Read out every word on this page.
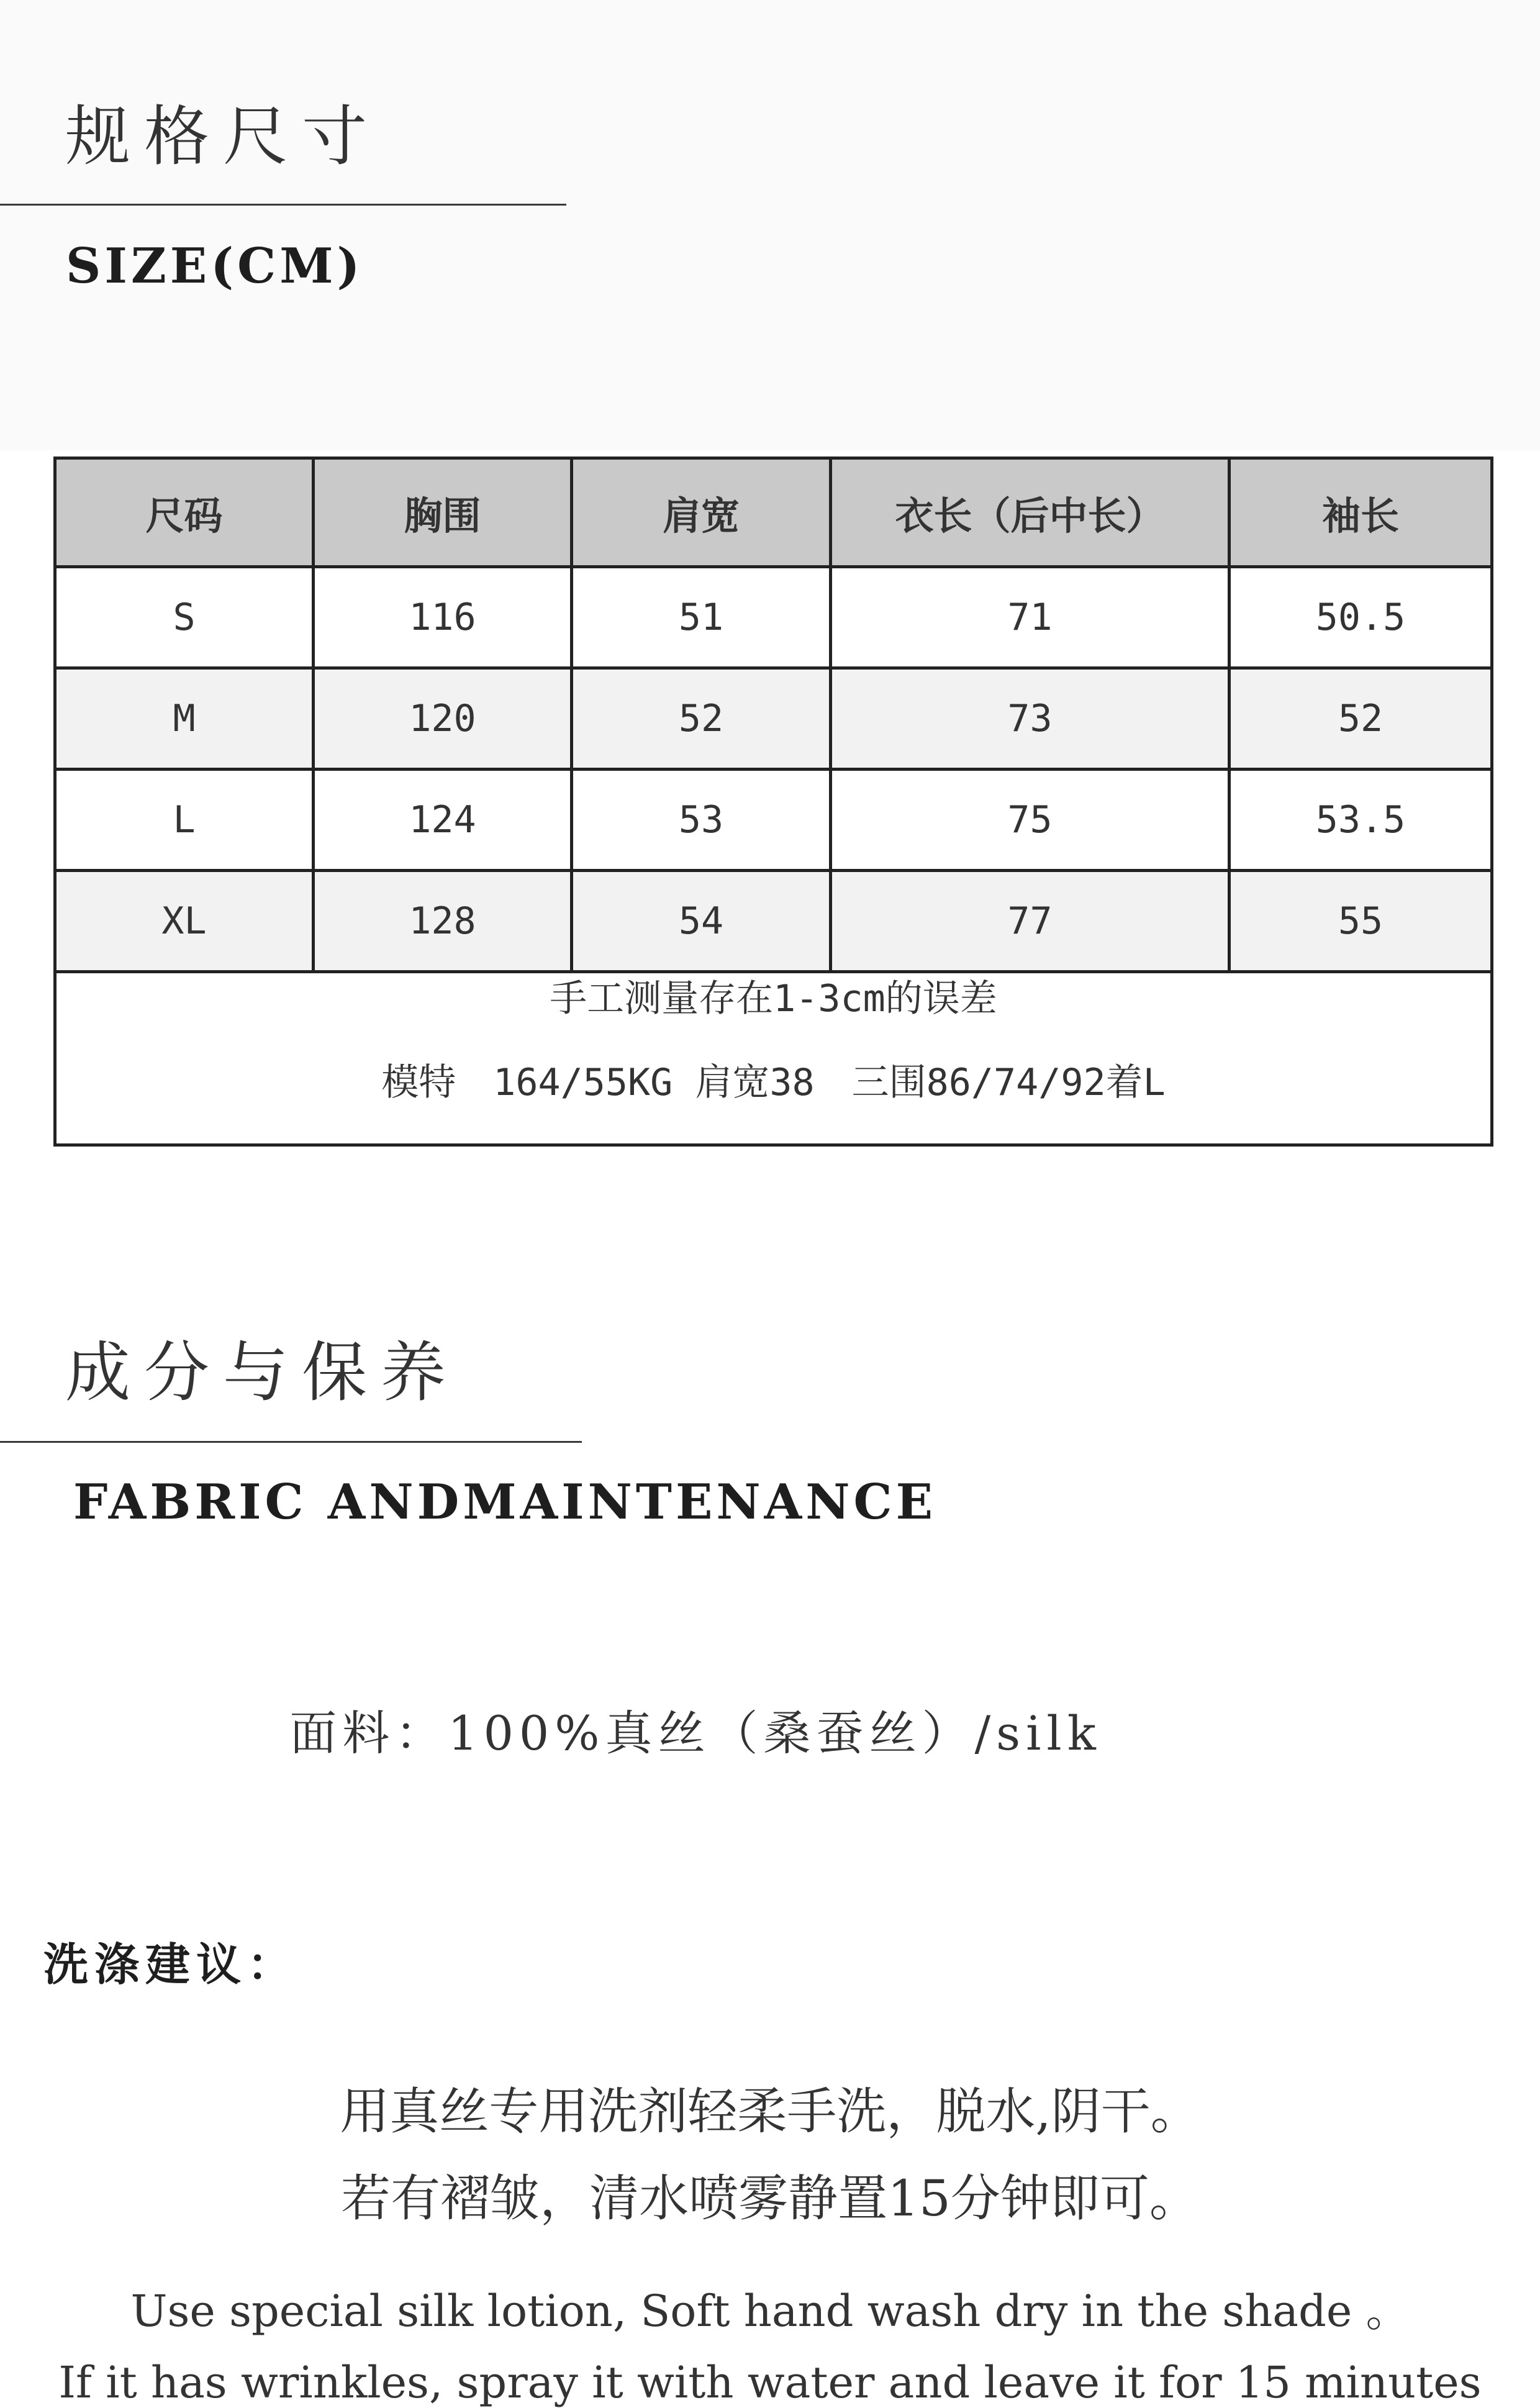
规格尺寸
SIZE(CM)
尺码	胸围	肩宽	衣长（后中长）	袖长
S	116	51	71	50.5
M	120	52	73	52
L	124	53	75	53.5
XL	128	54	77	55

手工测量存在1-3cm的误差
模特　164/55KG 肩宽38　三围86/74/92着L				
成分与保养
FABRIC ANDMAINTENANCE

面料：100%真丝（桑蚕丝）/silk

洗涤建议：

用真丝专用洗剂轻柔手洗，脱水,阴干。

若有褶皱，清水喷雾静置15分钟即可。

Use special silk lotion, Soft hand wash dry in the shade 。

If it has wrinkles, spray it with water and leave it for 15 minutes
